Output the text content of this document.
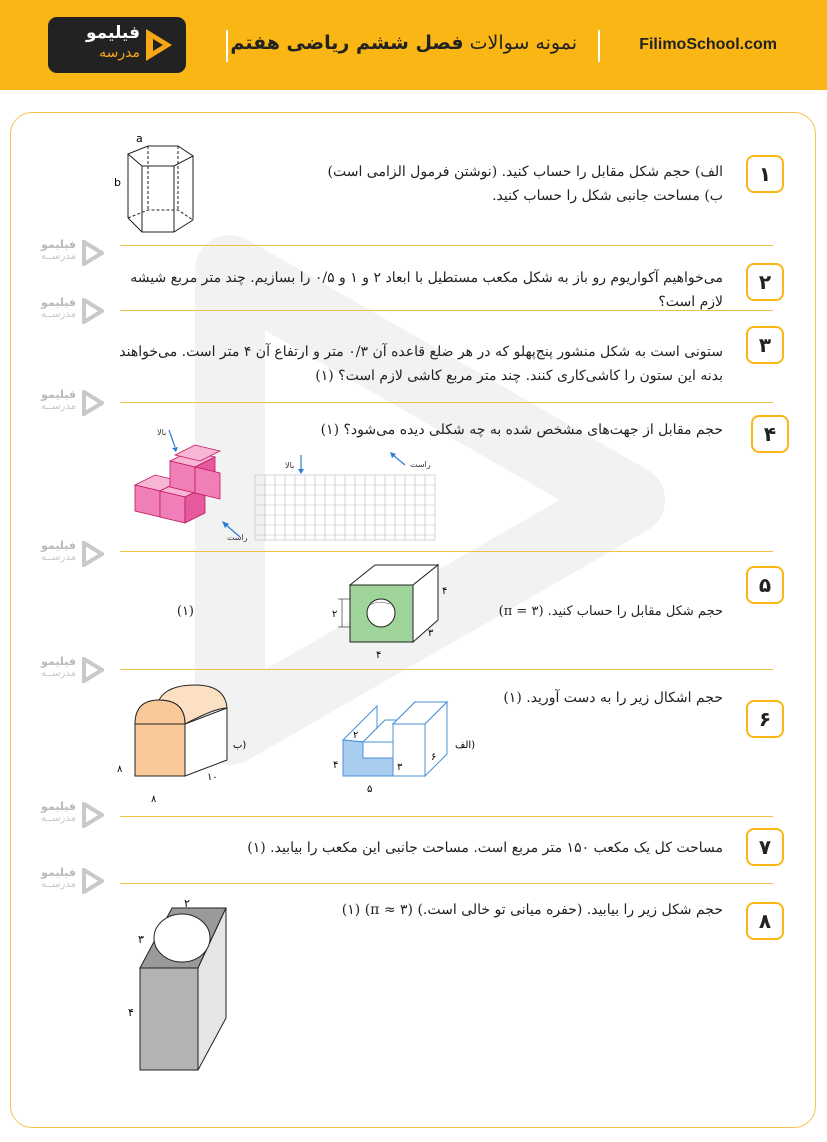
FilimoSchool.com
نمونه سوالات فصل ششم ریاضی هفتم
فیلیمو
مدرسه
فیلیمو
مدرســه
فیلیمو
مدرســه
فیلیمو
مدرســه
فیلیمو
مدرســه
فیلیمو
مدرســه
فیلیمو
مدرســه
فیلیمو
مدرســه
۱
الف) حجم شکل مقابل را حساب کنید. (نوشتن فرمول الزامی است)
ب) مساحت جانبی شکل را حساب کنید.
a
b
۲
می‌خواهیم آکواریوم رو باز به شکل مکعب مستطیل با ابعاد ۲ و ۱ و ۰/۵ را بسازیم. چند متر مربع شیشه لازم است؟
۳
ستونی است به شکل منشور پنج‌پهلو که در هر ضلع قاعده آن ۰/۳ متر و ارتفاع آن ۴ متر است. می‌خواهند
بدنه این ستون را کاشی‌کاری کنند. چند متر مربع کاشی لازم است؟ (۱)
۴
حجم مقابل از جهت‌های مشخص شده به چه شکلی دیده می‌شود؟ (۱)
بالا
راست
بالا	راست
۵
حجم شکل مقابل را حساب کنید. (۳ = π)
(۱)	۲
۴
۳
۴
۶
حجم اشکال زیر را به دست آورید. (۱)
۸
۱۰
۸
ب)
۲
۴	۳
۶
۵
الف)
۷
مساحت کل یک مکعب ۱۵۰ متر مربع است. مساحت جانبی این مکعب را بیابید. (۱)
۸
حجم شکل زیر را بیابید. (حفره میانی تو خالی است.) (۳ ≈ π) (۱)
۲
۳
۴
